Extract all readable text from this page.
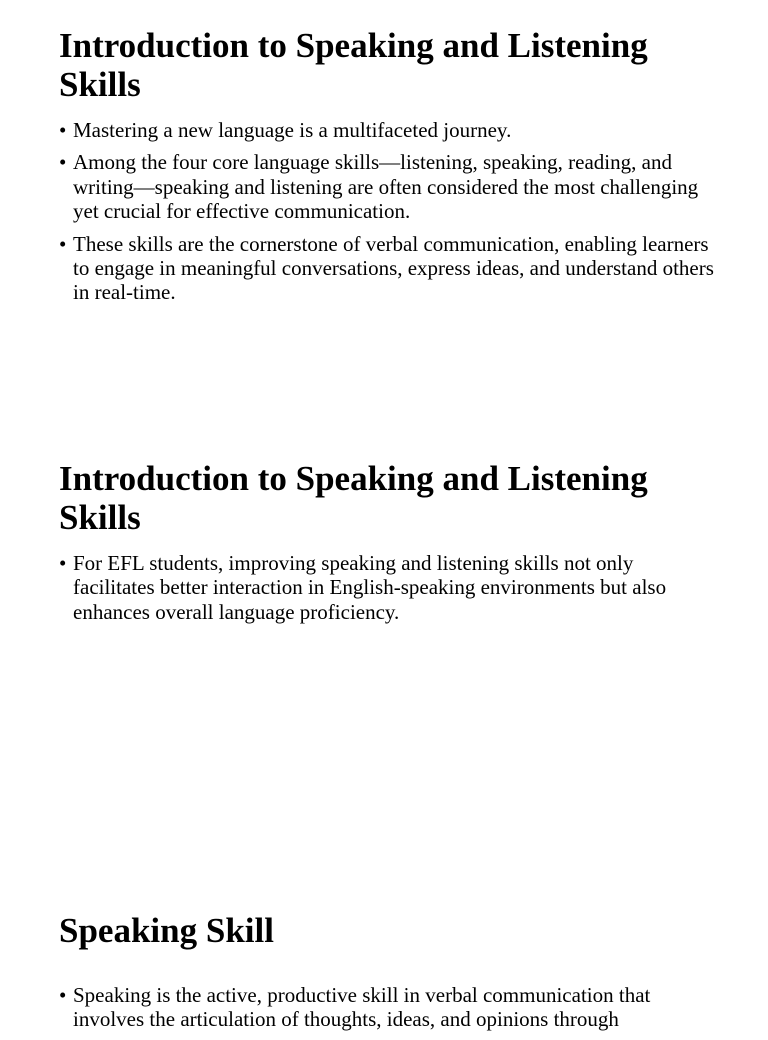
Introduction to Speaking and Listening Skills
• Mastering a new language is a multifaceted journey.
• Among the four core language skills—listening, speaking, reading, and writing—speaking and listening are often considered the most challenging yet crucial for effective communication.
• These skills are the cornerstone of verbal communication, enabling learners to engage in meaningful conversations, express ideas, and understand others in real-time.
Introduction to Speaking and Listening Skills
• For EFL students, improving speaking and listening skills not only facilitates better interaction in English-speaking environments but also enhances overall language proficiency.
Speaking Skill
• Speaking is the active, productive skill in verbal communication that involves the articulation of thoughts, ideas, and opinions through
